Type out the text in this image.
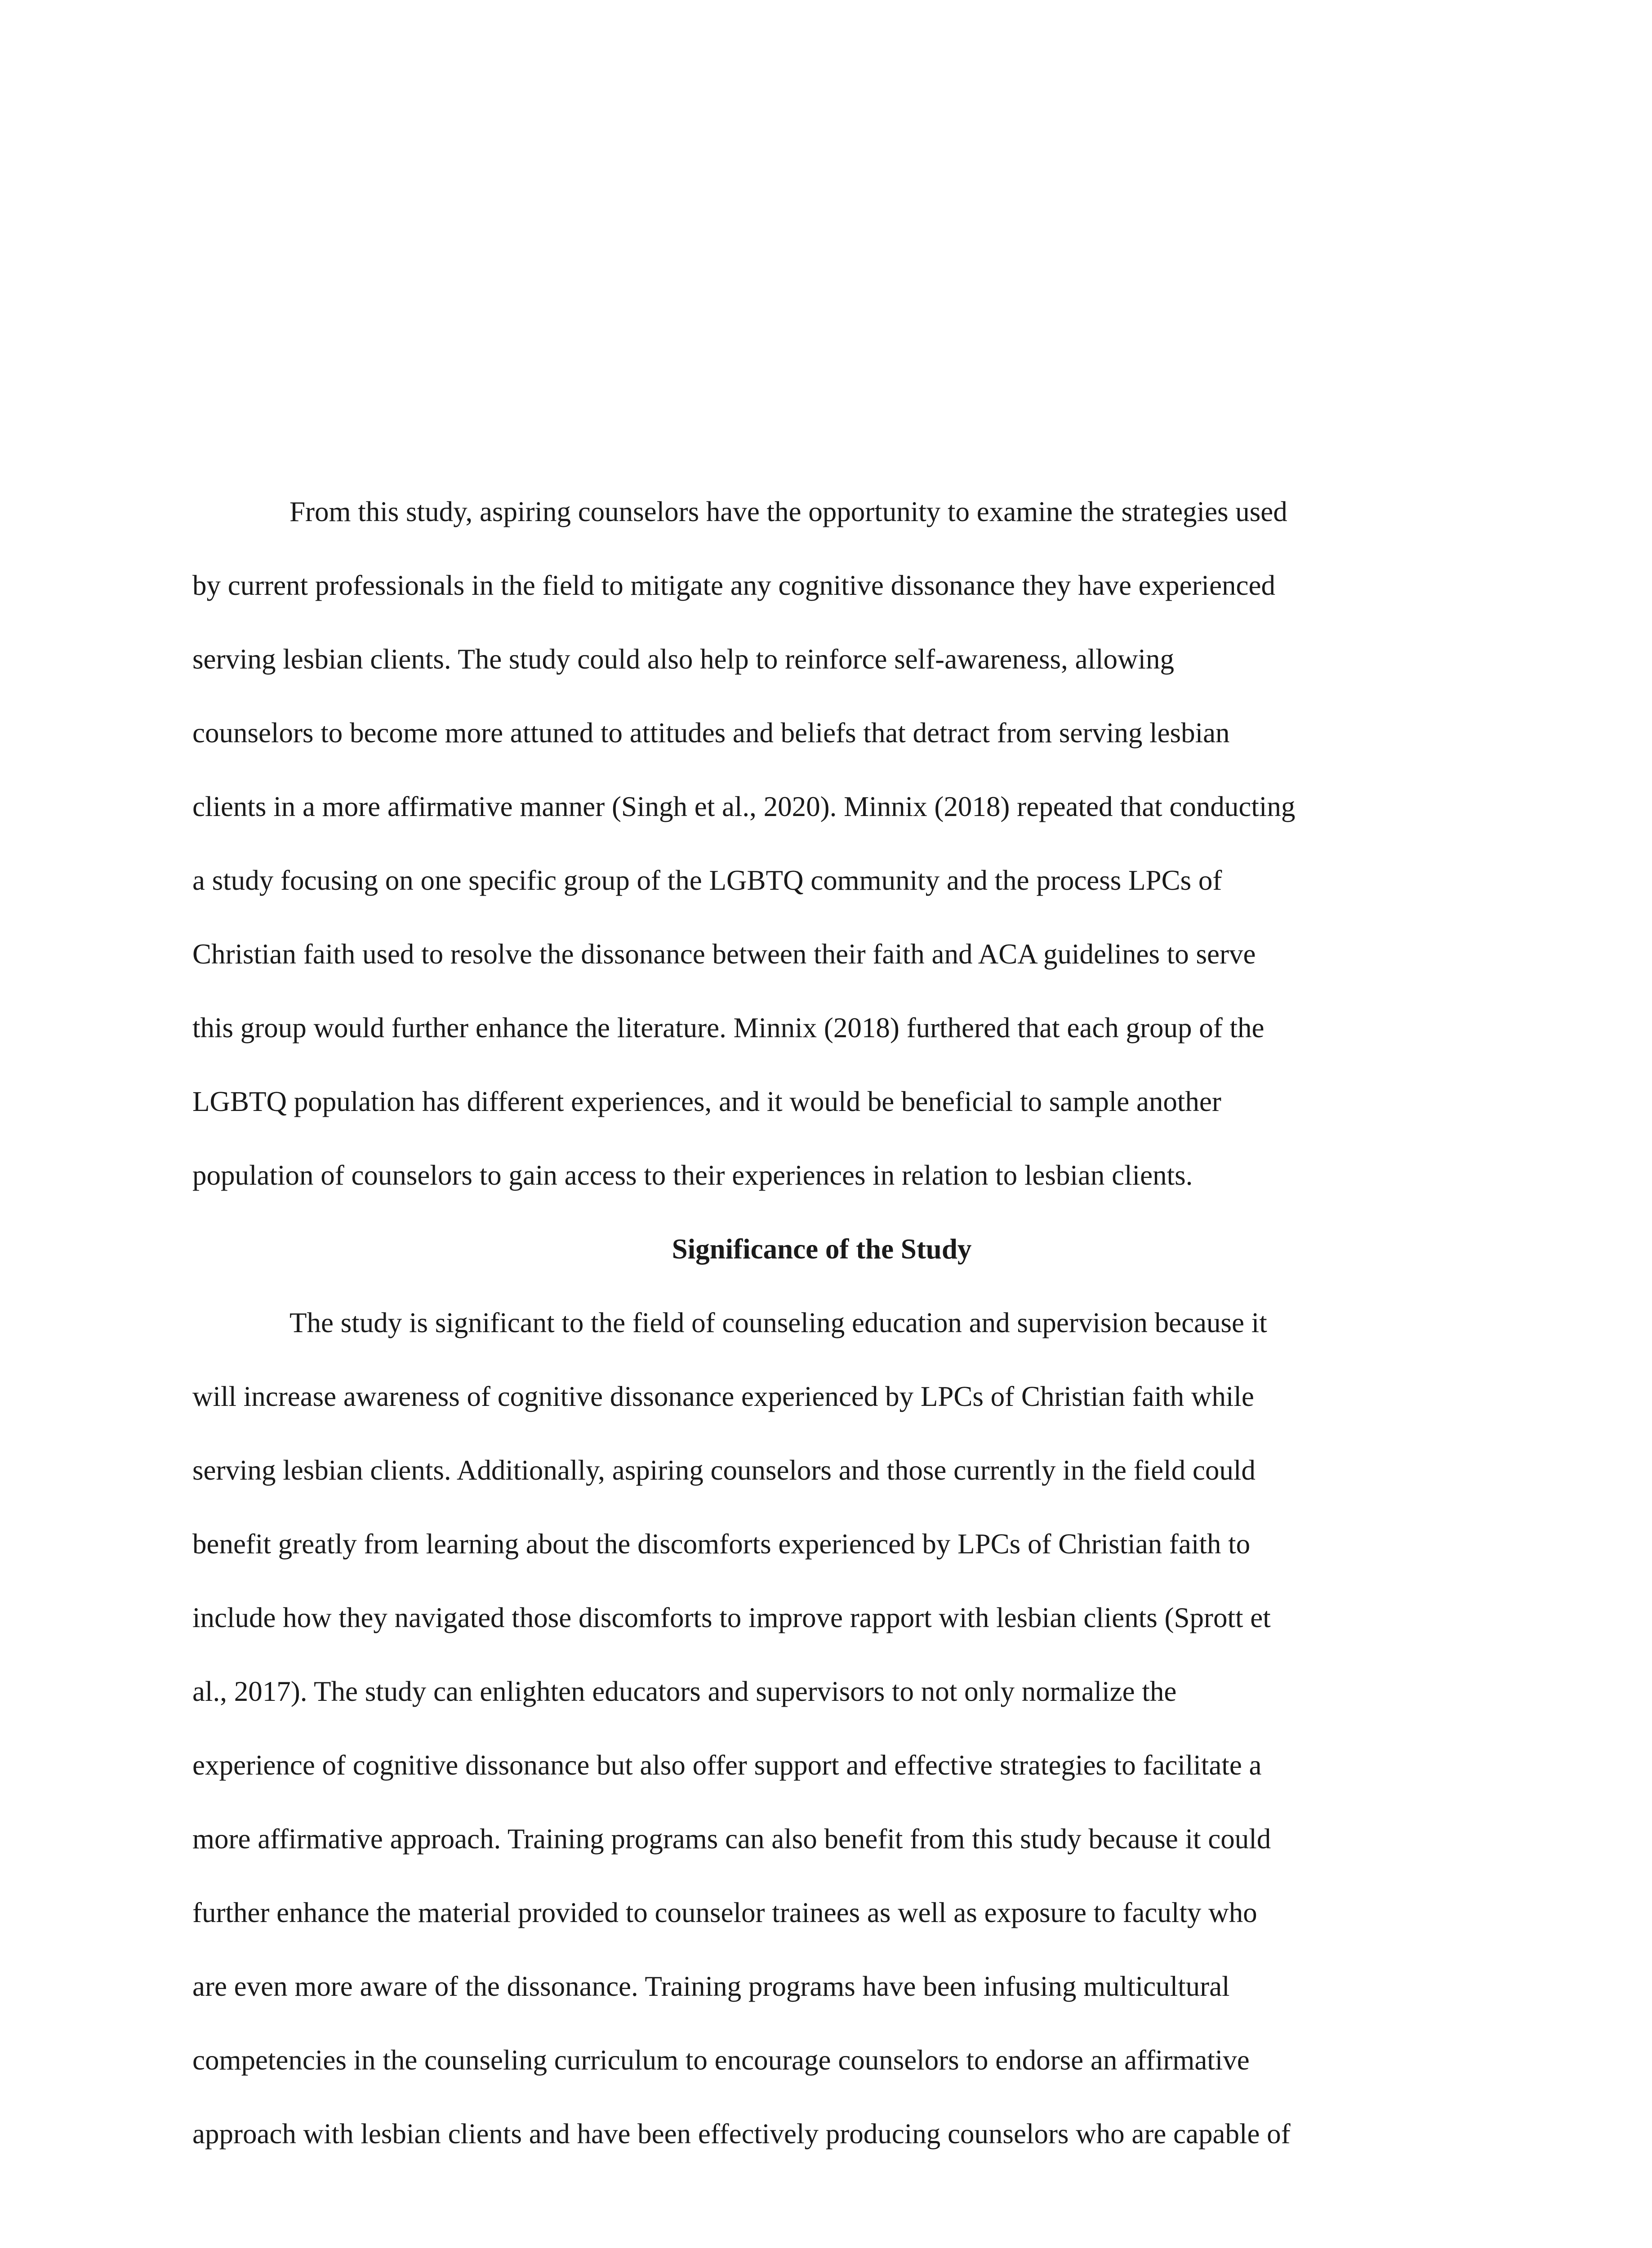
From this study, aspiring counselors have the opportunity to examine the strategies used
by current professionals in the field to mitigate any cognitive dissonance they have experienced
serving lesbian clients. The study could also help to reinforce self-awareness, allowing
counselors to become more attuned to attitudes and beliefs that detract from serving lesbian
clients in a more affirmative manner (Singh et al., 2020). Minnix (2018) repeated that conducting
a study focusing on one specific group of the LGBTQ community and the process LPCs of
Christian faith used to resolve the dissonance between their faith and ACA guidelines to serve
this group would further enhance the literature. Minnix (2018) furthered that each group of the
LGBTQ population has different experiences, and it would be beneficial to sample another
population of counselors to gain access to their experiences in relation to lesbian clients.
Significance of the Study
The study is significant to the field of counseling education and supervision because it
will increase awareness of cognitive dissonance experienced by LPCs of Christian faith while
serving lesbian clients. Additionally, aspiring counselors and those currently in the field could
benefit greatly from learning about the discomforts experienced by LPCs of Christian faith to
include how they navigated those discomforts to improve rapport with lesbian clients (Sprott et
al., 2017). The study can enlighten educators and supervisors to not only normalize the
experience of cognitive dissonance but also offer support and effective strategies to facilitate a
more affirmative approach. Training programs can also benefit from this study because it could
further enhance the material provided to counselor trainees as well as exposure to faculty who
are even more aware of the dissonance. Training programs have been infusing multicultural
competencies in the counseling curriculum to encourage counselors to endorse an affirmative
approach with lesbian clients and have been effectively producing counselors who are capable of
